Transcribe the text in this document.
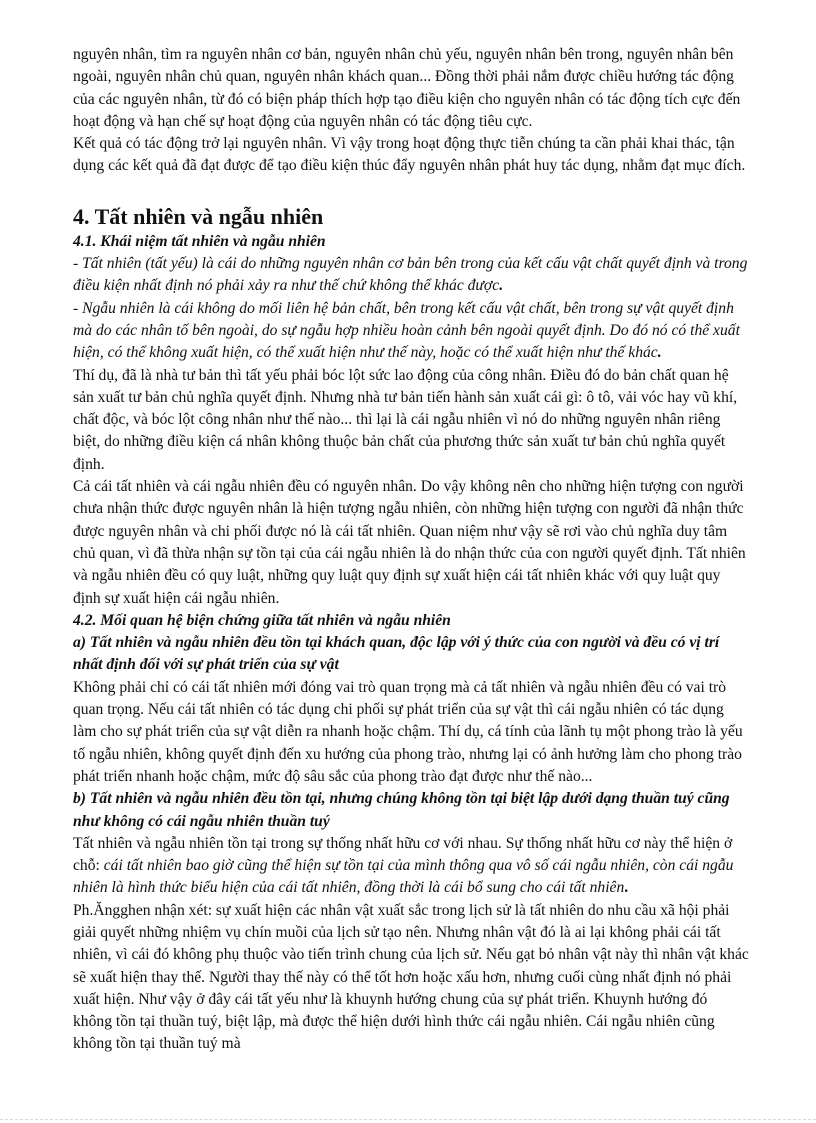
nguyên nhân, tìm ra nguyên nhân cơ bản, nguyên nhân chủ yếu, nguyên nhân bên trong, nguyên nhân bên ngoài, nguyên nhân chủ quan, nguyên nhân khách quan... Đồng thời phải nắm được chiều hướng tác động của các nguyên nhân, từ đó có biện pháp thích hợp tạo điều kiện cho nguyên nhân có tác động tích cực đến hoạt động và hạn chế sự hoạt động của nguyên nhân có tác động tiêu cực.

Kết quả có tác động trở lại nguyên nhân. Vì vậy trong hoạt động thực tiễn chúng ta cần phải khai thác, tận dụng các kết quả đã đạt được để tạo điều kiện thúc đẩy nguyên nhân phát huy tác dụng, nhằm đạt mục đích.

4. Tất nhiên và ngẫu nhiên

4.1. Khái niệm tất nhiên và ngẫu nhiên

- Tất nhiên (tất yếu) là cái do những nguyên nhân cơ bản bên trong của kết cấu vật chất quyết định và trong điều kiện nhất định nó phải xảy ra như thế chứ không thể khác được.

- Ngẫu nhiên là cái không do mối liên hệ bản chất, bên trong kết cấu vật chất, bên trong sự vật quyết định mà do các nhân tố bên ngoài, do sự ngẫu hợp nhiều hoàn cảnh bên ngoài quyết định. Do đó nó có thể xuất hiện, có thể không xuất hiện, có thể xuất hiện như thế này, hoặc có thể xuất hiện như thế khác.

Thí dụ, đã là nhà tư bản thì tất yếu phải bóc lột sức lao động của công nhân. Điều đó do bản chất quan hệ sản xuất tư bản chủ nghĩa quyết định. Nhưng nhà tư bản tiến hành sản xuất cái gì: ô tô, vải vóc hay vũ khí, chất độc, và bóc lột công nhân như thế nào... thì lại là cái ngẫu nhiên vì nó do những nguyên nhân riêng biệt, do những điều kiện cá nhân không thuộc bản chất của phương thức sản xuất tư bản chủ nghĩa quyết định.

Cả cái tất nhiên và cái ngẫu nhiên đều có nguyên nhân. Do vậy không nên cho những hiện tượng con người chưa nhận thức được nguyên nhân là hiện tượng ngẫu nhiên, còn những hiện tượng con người đã nhận thức được nguyên nhân và chi phối được nó là cái tất nhiên. Quan niệm như vậy sẽ rơi vào chủ nghĩa duy tâm chủ quan, vì đã thừa nhận sự tồn tại của cái ngẫu nhiên là do nhận thức của con người quyết định. Tất nhiên và ngẫu nhiên đều có quy luật, những quy luật quy định sự xuất hiện cái tất nhiên khác với quy luật quy định sự xuất hiện cái ngẫu nhiên.

4.2. Mối quan hệ biện chứng giữa tất nhiên và ngẫu nhiên

a) Tất nhiên và ngẫu nhiên đều tồn tại khách quan, độc lập với ý thức của con người và đều có vị trí nhất định đối với sự phát triển của sự vật

Không phải chỉ có cái tất nhiên mới đóng vai trò quan trọng mà cả tất nhiên và ngẫu nhiên đều có vai trò quan trọng. Nếu cái tất nhiên có tác dụng chi phối sự phát triển của sự vật thì cái ngẫu nhiên có tác dụng làm cho sự phát triển của sự vật diễn ra nhanh hoặc chậm. Thí dụ, cá tính của lãnh tụ một phong trào là yếu tố ngẫu nhiên, không quyết định đến xu hướng của phong trào, nhưng lại có ảnh hưởng làm cho phong trào phát triển nhanh hoặc chậm, mức độ sâu sắc của phong trào đạt được như thế nào...

b) Tất nhiên và ngẫu nhiên đều tồn tại, nhưng chúng không tồn tại biệt lập dưới dạng thuần tuý cũng như không có cái ngẫu nhiên thuần tuý

Tất nhiên và ngẫu nhiên tồn tại trong sự thống nhất hữu cơ với nhau. Sự thống nhất hữu cơ này thể hiện ở chỗ: cái tất nhiên bao giờ cũng thể hiện sự tồn tại của mình thông qua vô số cái ngẫu nhiên, còn cái ngẫu nhiên là hình thức biểu hiện của cái tất nhiên, đồng thời là cái bổ sung cho cái tất nhiên.

Ph.Ăngghen nhận xét: sự xuất hiện các nhân vật xuất sắc trong lịch sử là tất nhiên do nhu cầu xã hội phải giải quyết những nhiệm vụ chín muồi của lịch sử tạo nên. Nhưng nhân vật đó là ai lại không phải cái tất nhiên, vì cái đó không phụ thuộc vào tiến trình chung của lịch sử. Nếu gạt bỏ nhân vật này thì nhân vật khác sẽ xuất hiện thay thế. Người thay thế này có thể tốt hơn hoặc xấu hơn, nhưng cuối cùng nhất định nó phải xuất hiện. Như vậy ở đây cái tất yếu như là khuynh hướng chung của sự phát triển. Khuynh hướng đó không tồn tại thuần tuý, biệt lập, mà được thể hiện dưới hình thức cái ngẫu nhiên. Cái ngẫu nhiên cũng không tồn tại thuần tuý mà
